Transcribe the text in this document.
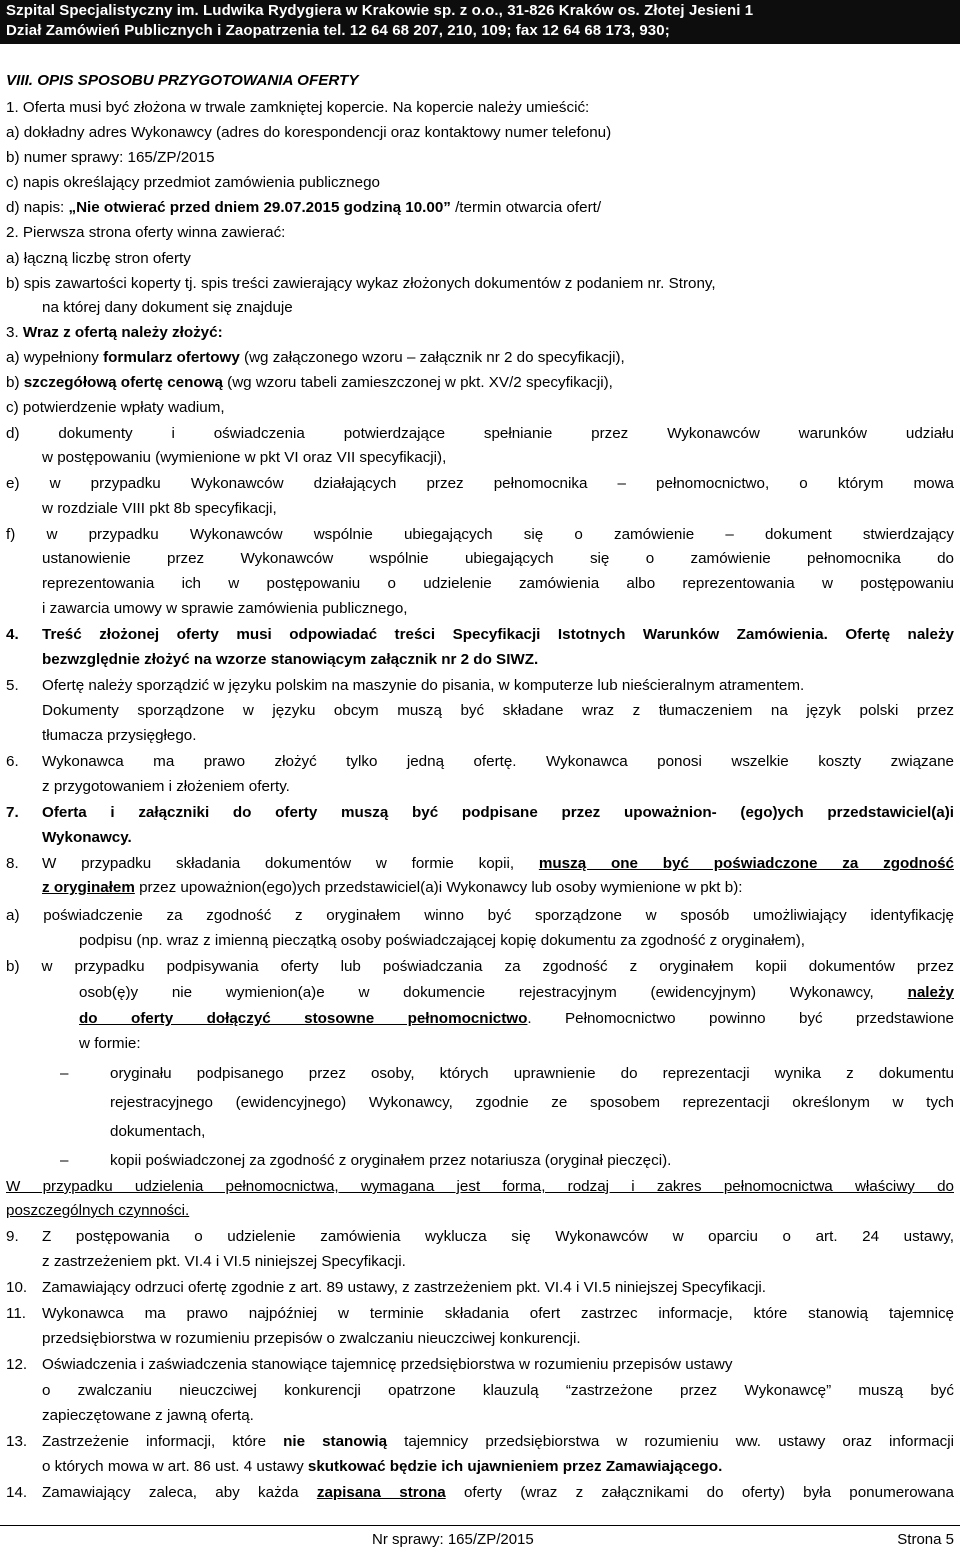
Szpital Specjalistyczny im. Ludwika Rydygiera w Krakowie sp. z o.o., 31-826 Kraków os. Złotej Jesieni 1
Dział Zamówień Publicznych i Zaopatrzenia tel. 12 64 68 207, 210, 109; fax 12 64 68 173, 930;
VIII. OPIS SPOSOBU PRZYGOTOWANIA OFERTY
1. Oferta musi być złożona w trwale zamkniętej kopercie. Na kopercie należy umieścić:
a) dokładny adres Wykonawcy (adres do korespondencji oraz kontaktowy numer telefonu)
b) numer sprawy: 165/ZP/2015
c) napis określający przedmiot zamówienia publicznego
d) napis: „Nie otwierać przed dniem 29.07.2015 godziną 10.00” /termin otwarcia ofert/
2. Pierwsza strona oferty winna zawierać:
a) łączną liczbę stron oferty
b) spis zawartości koperty tj. spis treści zawierający wykaz złożonych dokumentów z podaniem nr. Strony,
na której dany dokument się znajduje
3. Wraz z ofertą należy złożyć:
a) wypełniony formularz ofertowy (wg załączonego wzoru – załącznik nr 2 do specyfikacji),
b) szczegółową ofertę cenową (wg wzoru tabeli zamieszczonej w pkt. XV/2 specyfikacji),
c) potwierdzenie wpłaty wadium,
d) dokumenty i oświadczenia potwierdzające spełnianie przez Wykonawców warunków udziału
w postępowaniu (wymienione w pkt VI oraz VII specyfikacji),
e) w przypadku Wykonawców działających przez pełnomocnika – pełnomocnictwo, o którym mowa
w rozdziale VIII pkt 8b specyfikacji,
f) w przypadku Wykonawców wspólnie ubiegających się o zamówienie – dokument stwierdzający
ustanowienie przez Wykonawców wspólnie ubiegających się o zamówienie pełnomocnika do
reprezentowania ich w postępowaniu o udzielenie zamówienia albo reprezentowania w postępowaniu
i zawarcia umowy w sprawie zamówienia publicznego,
4. Treść złożonej oferty musi odpowiadać treści Specyfikacji Istotnych Warunków Zamówienia. Ofertę należy
bezwzględnie złożyć na wzorze stanowiącym załącznik nr 2 do SIWZ.
5. Ofertę należy sporządzić w języku polskim na maszynie do pisania, w komputerze lub nieścieralnym atramentem.
Dokumenty sporządzone w języku obcym muszą być składane wraz z tłumaczeniem na język polski przez
tłumacza przysięgłego.
6. Wykonawca ma prawo złożyć tylko jedną ofertę. Wykonawca ponosi wszelkie koszty związane
z przygotowaniem i złożeniem oferty.
7. Oferta i załączniki do oferty muszą być podpisane przez upoważnion- (ego)ych przedstawiciel(a)i
Wykonawcy.
8. W przypadku składania dokumentów w formie kopii, muszą one być poświadczone za zgodność
z oryginałem przez upoważnion(ego)ych przedstawiciel(a)i Wykonawcy lub osoby wymienione w pkt b):
a) poświadczenie za zgodność z oryginałem winno być sporządzone w sposób umożliwiający identyfikację
podpisu (np. wraz z imienną pieczątką osoby poświadczającej kopię dokumentu za zgodność z oryginałem),
b) w przypadku podpisywania oferty lub poświadczania za zgodność z oryginałem kopii dokumentów przez
osob(ę)y nie wymienion(a)e w dokumencie rejestracyjnym (ewidencyjnym) Wykonawcy, należy
do oferty dołączyć stosowne pełnomocnictwo. Pełnomocnictwo powinno być przedstawione
w formie:
–	oryginału podpisanego przez osoby, których uprawnienie do reprezentacji wynika z dokumentu
rejestracyjnego (ewidencyjnego) Wykonawcy, zgodnie ze sposobem reprezentacji określonym w tych
dokumentach,
–	kopii poświadczonej za zgodność z oryginałem przez notariusza (oryginał pieczęci).
W przypadku udzielenia pełnomocnictwa, wymagana jest forma, rodzaj i zakres pełnomocnictwa właściwy do
poszczególnych czynności.
9. Z postępowania o udzielenie zamówienia wyklucza się Wykonawców w oparciu o art. 24 ustawy,
z zastrzeżeniem pkt. VI.4 i VI.5 niniejszej Specyfikacji.
10. Zamawiający odrzuci ofertę zgodnie z art. 89 ustawy, z zastrzeżeniem pkt. VI.4 i VI.5 niniejszej Specyfikacji.
11. Wykonawca ma prawo najpóźniej w terminie składania ofert zastrzec informacje, które stanowią tajemnicę
przedsiębiorstwa w rozumieniu przepisów o zwalczaniu nieuczciwej konkurencji.
12. Oświadczenia i zaświadczenia stanowiące tajemnicę przedsiębiorstwa w rozumieniu przepisów ustawy
o zwalczaniu nieuczciwej konkurencji opatrzone klauzulą “zastrzeżone przez Wykonawcę” muszą być
zapieczętowane z jawną ofertą.
13. Zastrzeżenie informacji, które nie stanowią tajemnicy przedsiębiorstwa w rozumieniu ww. ustawy oraz informacji
o których mowa w art. 86 ust. 4 ustawy skutkować będzie ich ujawnieniem przez Zamawiającego.
14. Zamawiający zaleca, aby każda zapisana strona oferty (wraz z załącznikami do oferty) była ponumerowana
Nr sprawy: 165/ZP/2015	Strona 5
